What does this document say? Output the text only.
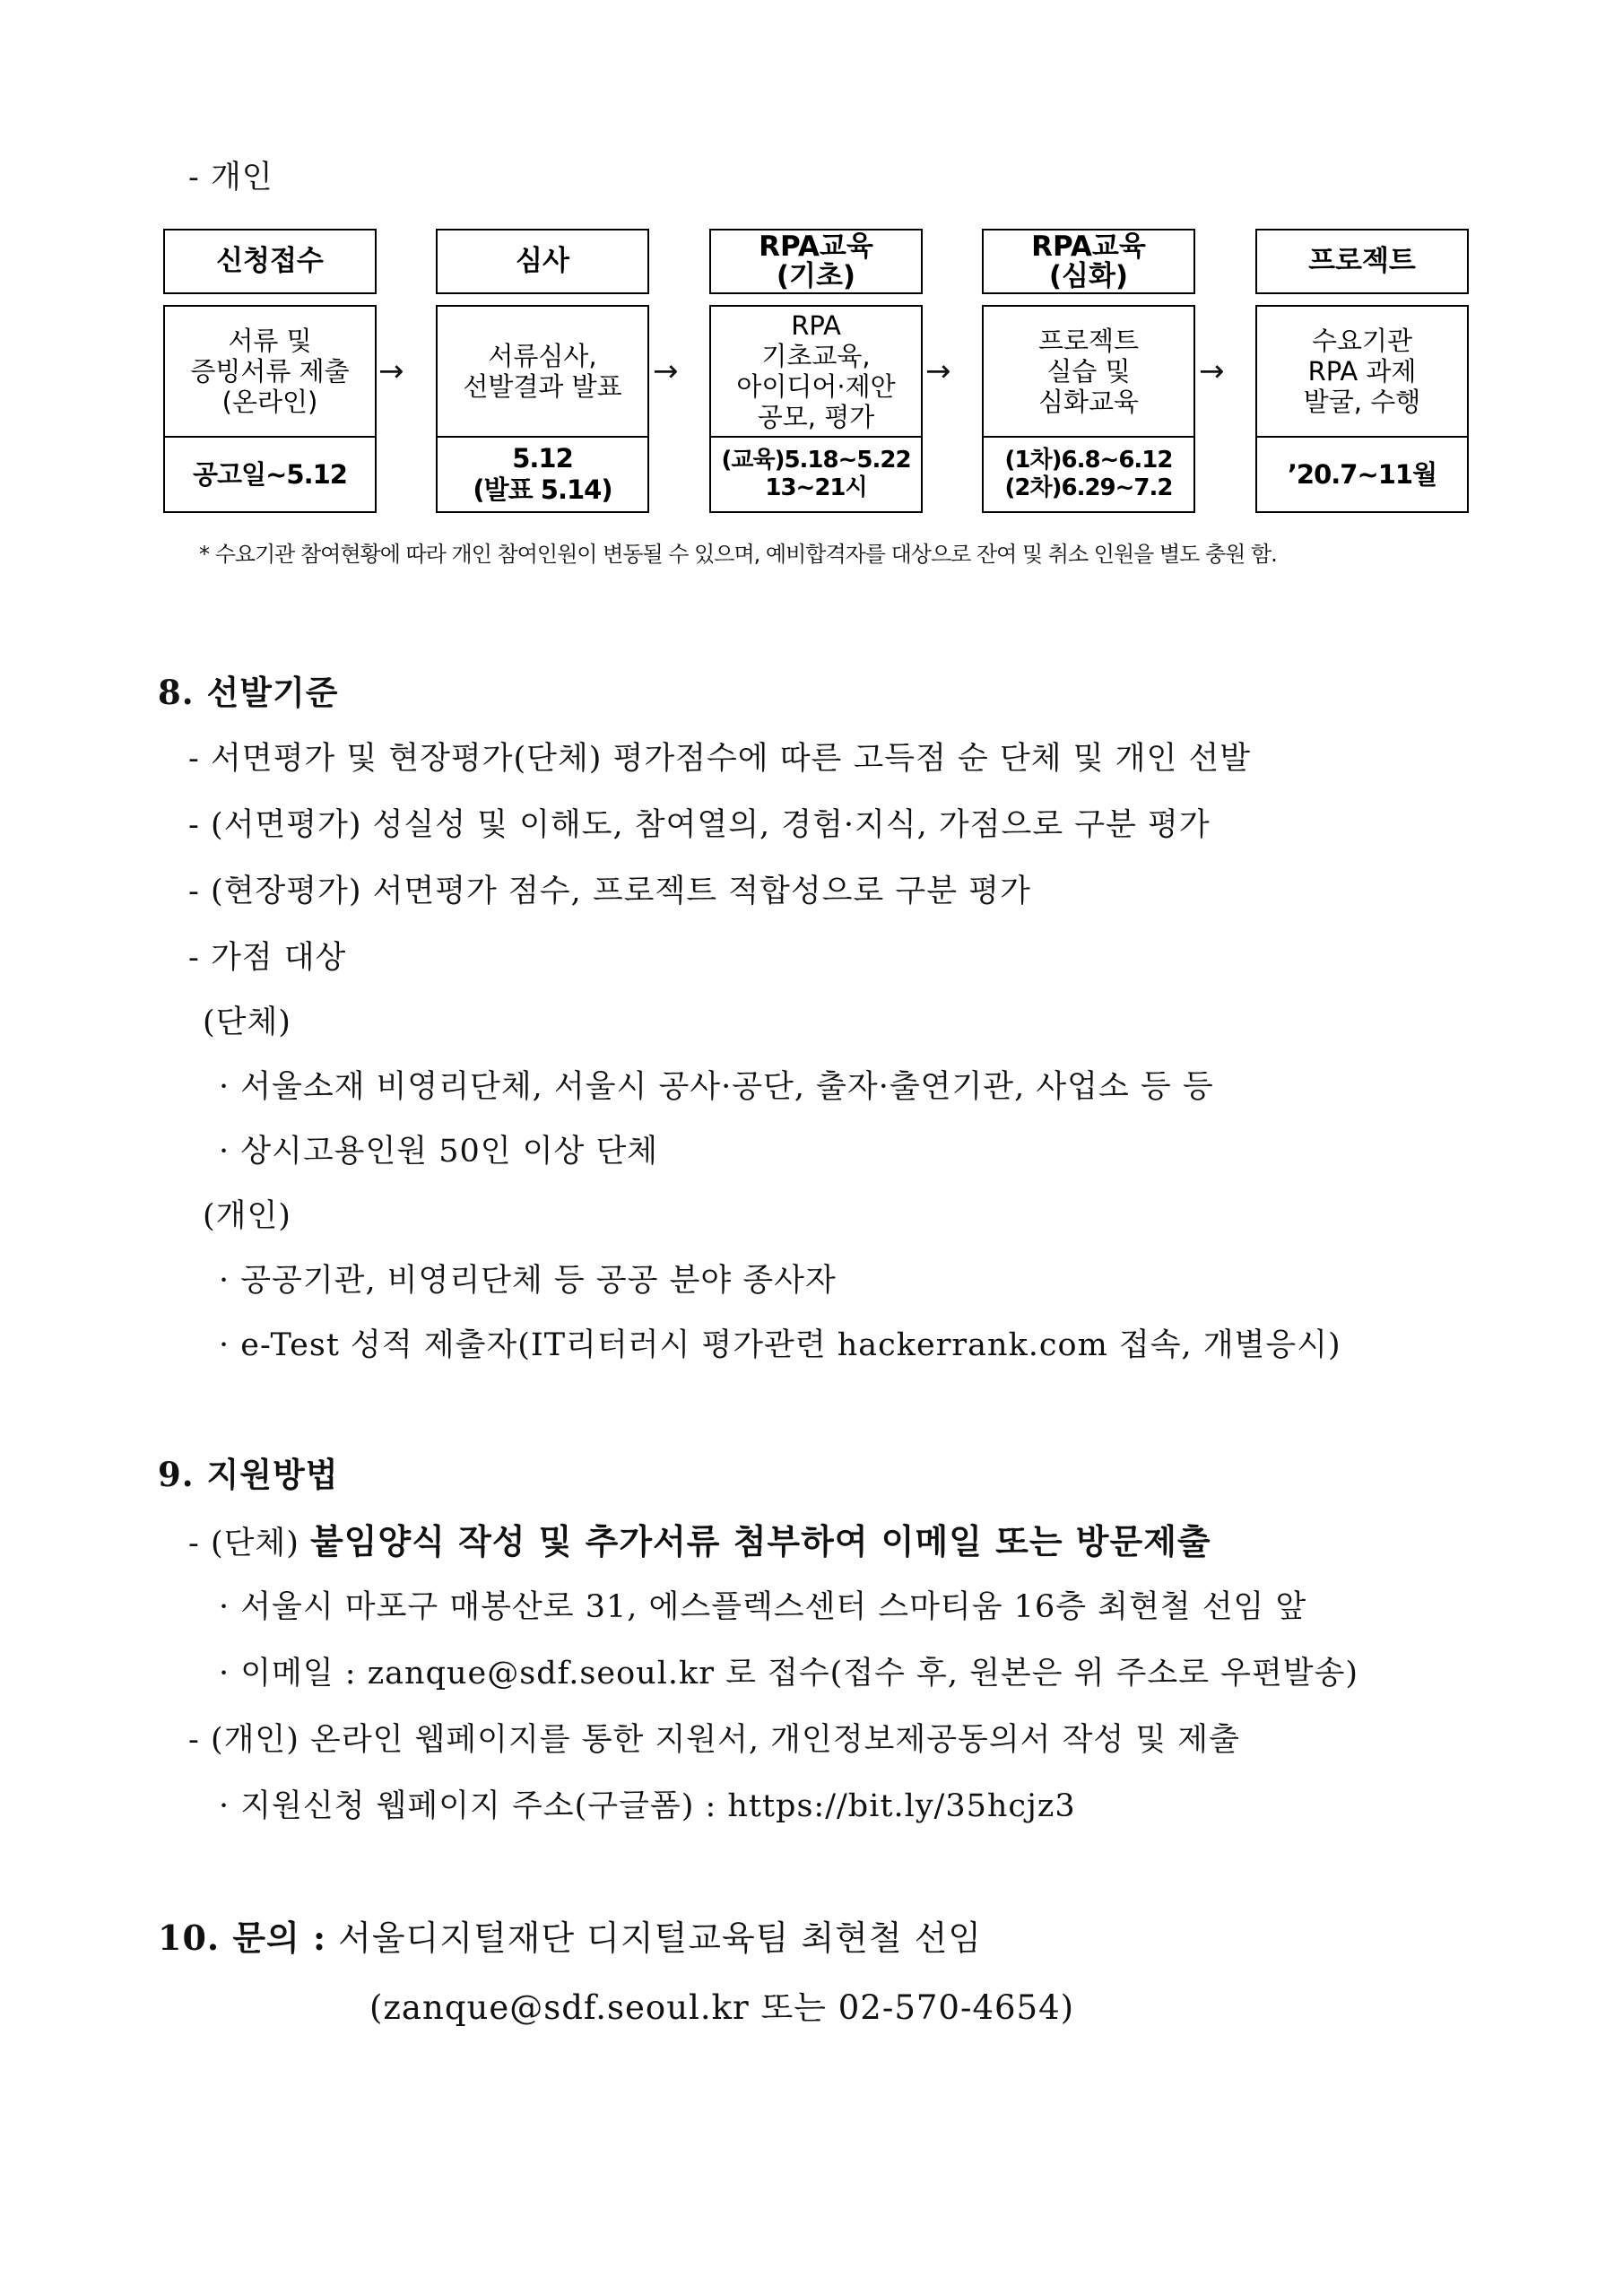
- 개인
신청접수
서류 및
증빙서류 제출
(온라인)
공고일∼5.12
→
심사
서류심사,
선발결과 발표
5.12
(발표 5.14)
→
RPA교육
(기초)
RPA
기초교육,
아이디어·제안
공모, 평가
(교육)5.18~5.22
13∼21시
→
RPA교육
(심화)
프로젝트
실습 및
심화교육
(1차)6.8∼6.12
(2차)6.29∼7.2
→
프로젝트
수요기관
RPA 과제
발굴, 수행
’20.7∼11월
* 수요기관 참여현황에 따라 개인 참여인원이 변동될 수 있으며, 예비합격자를 대상으로 잔여 및 취소 인원을 별도 충원 함.
8. 선발기준
- 서면평가 및 현장평가(단체) 평가점수에 따른 고득점 순 단체 및 개인 선발
- (서면평가) 성실성 및 이해도, 참여열의, 경험·지식, 가점으로 구분 평가
- (현장평가) 서면평가 점수, 프로젝트 적합성으로 구분 평가
- 가점 대상
(단체)
· 서울소재 비영리단체, 서울시 공사·공단, 출자·출연기관, 사업소 등 등
· 상시고용인원 50인 이상 단체
(개인)
· 공공기관, 비영리단체 등 공공 분야 종사자
· e-Test 성적 제출자(IT리터러시 평가관련 hackerrank.com 접속, 개별응시)
9. 지원방법
- (단체) 붙임양식 작성 및 추가서류 첨부하여 이메일 또는 방문제출
· 서울시 마포구 매봉산로 31, 에스플렉스센터 스마티움 16층 최현철 선임 앞
· 이메일 : zanque@sdf.seoul.kr 로 접수(접수 후, 원본은 위 주소로 우편발송)
- (개인) 온라인 웹페이지를 통한 지원서, 개인정보제공동의서 작성 및 제출
· 지원신청 웹페이지 주소(구글폼) : https://bit.ly/35hcjz3
10. 문의 : 서울디지털재단 디지털교육팀 최현철 선임
(zanque@sdf.seoul.kr 또는 02-570-4654)
